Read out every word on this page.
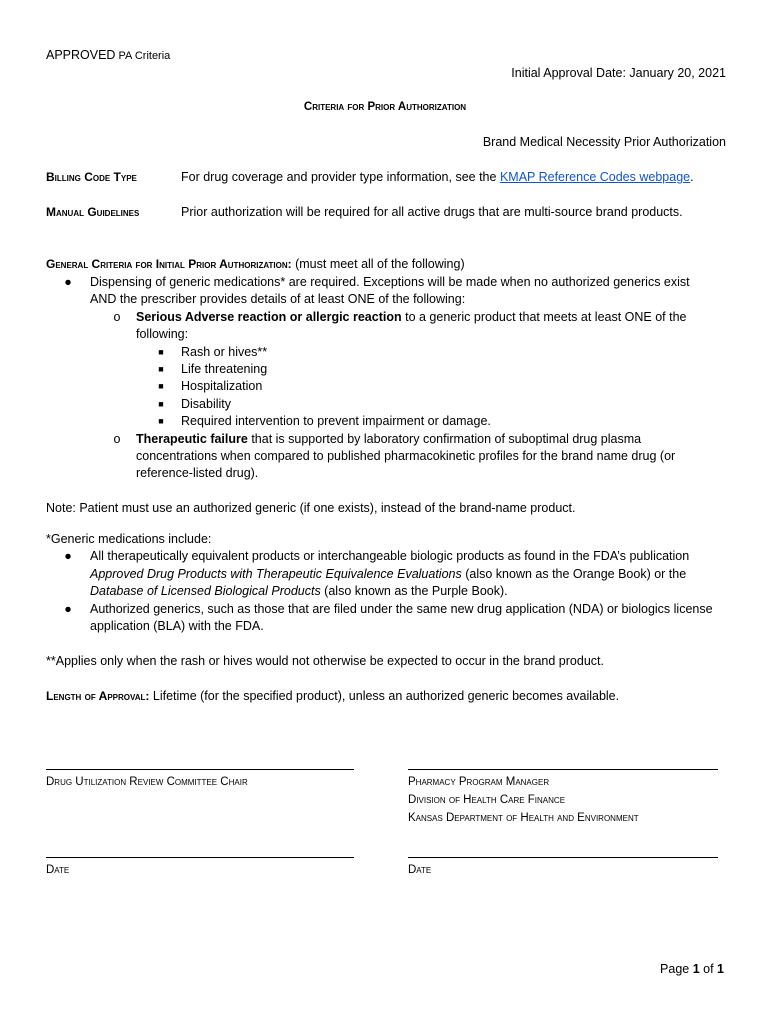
APPROVED PA Criteria
Initial Approval Date: January 20, 2021
Criteria for Prior Authorization
Brand Medical Necessity Prior Authorization
Billing Code Type	For drug coverage and provider type information, see the KMAP Reference Codes webpage.
Manual Guidelines	Prior authorization will be required for all active drugs that are multi-source brand products.
General Criteria for Initial Prior Authorization: (must meet all of the following)
● Dispensing of generic medications* are required. Exceptions will be made when no authorized generics exist
AND the prescriber provides details of at least ONE of the following:
o Serious Adverse reaction or allergic reaction to a generic product that meets at least ONE of the
following:
■ Rash or hives**
■ Life threatening
■ Hospitalization
■ Disability
■ Required intervention to prevent impairment or damage.
o Therapeutic failure that is supported by laboratory confirmation of suboptimal drug plasma
concentrations when compared to published pharmacokinetic profiles for the brand name drug (or
reference-listed drug).
Note: Patient must use an authorized generic (if one exists), instead of the brand-name product.
*Generic medications include:
● All therapeutically equivalent products or interchangeable biologic products as found in the FDA’s publication
Approved Drug Products with Therapeutic Equivalence Evaluations (also known as the Orange Book) or the
Database of Licensed Biological Products (also known as the Purple Book).
● Authorized generics, such as those that are filed under the same new drug application (NDA) or biologics license
application (BLA) with the FDA.
**Applies only when the rash or hives would not otherwise be expected to occur in the brand product.
Length of Approval: Lifetime (for the specified product), unless an authorized generic becomes available.
Drug Utilization Review Committee Chair	Pharmacy Program Manager
Division of Health Care Finance
Kansas Department of Health and Environment
Date	Date
Page 1 of 1
